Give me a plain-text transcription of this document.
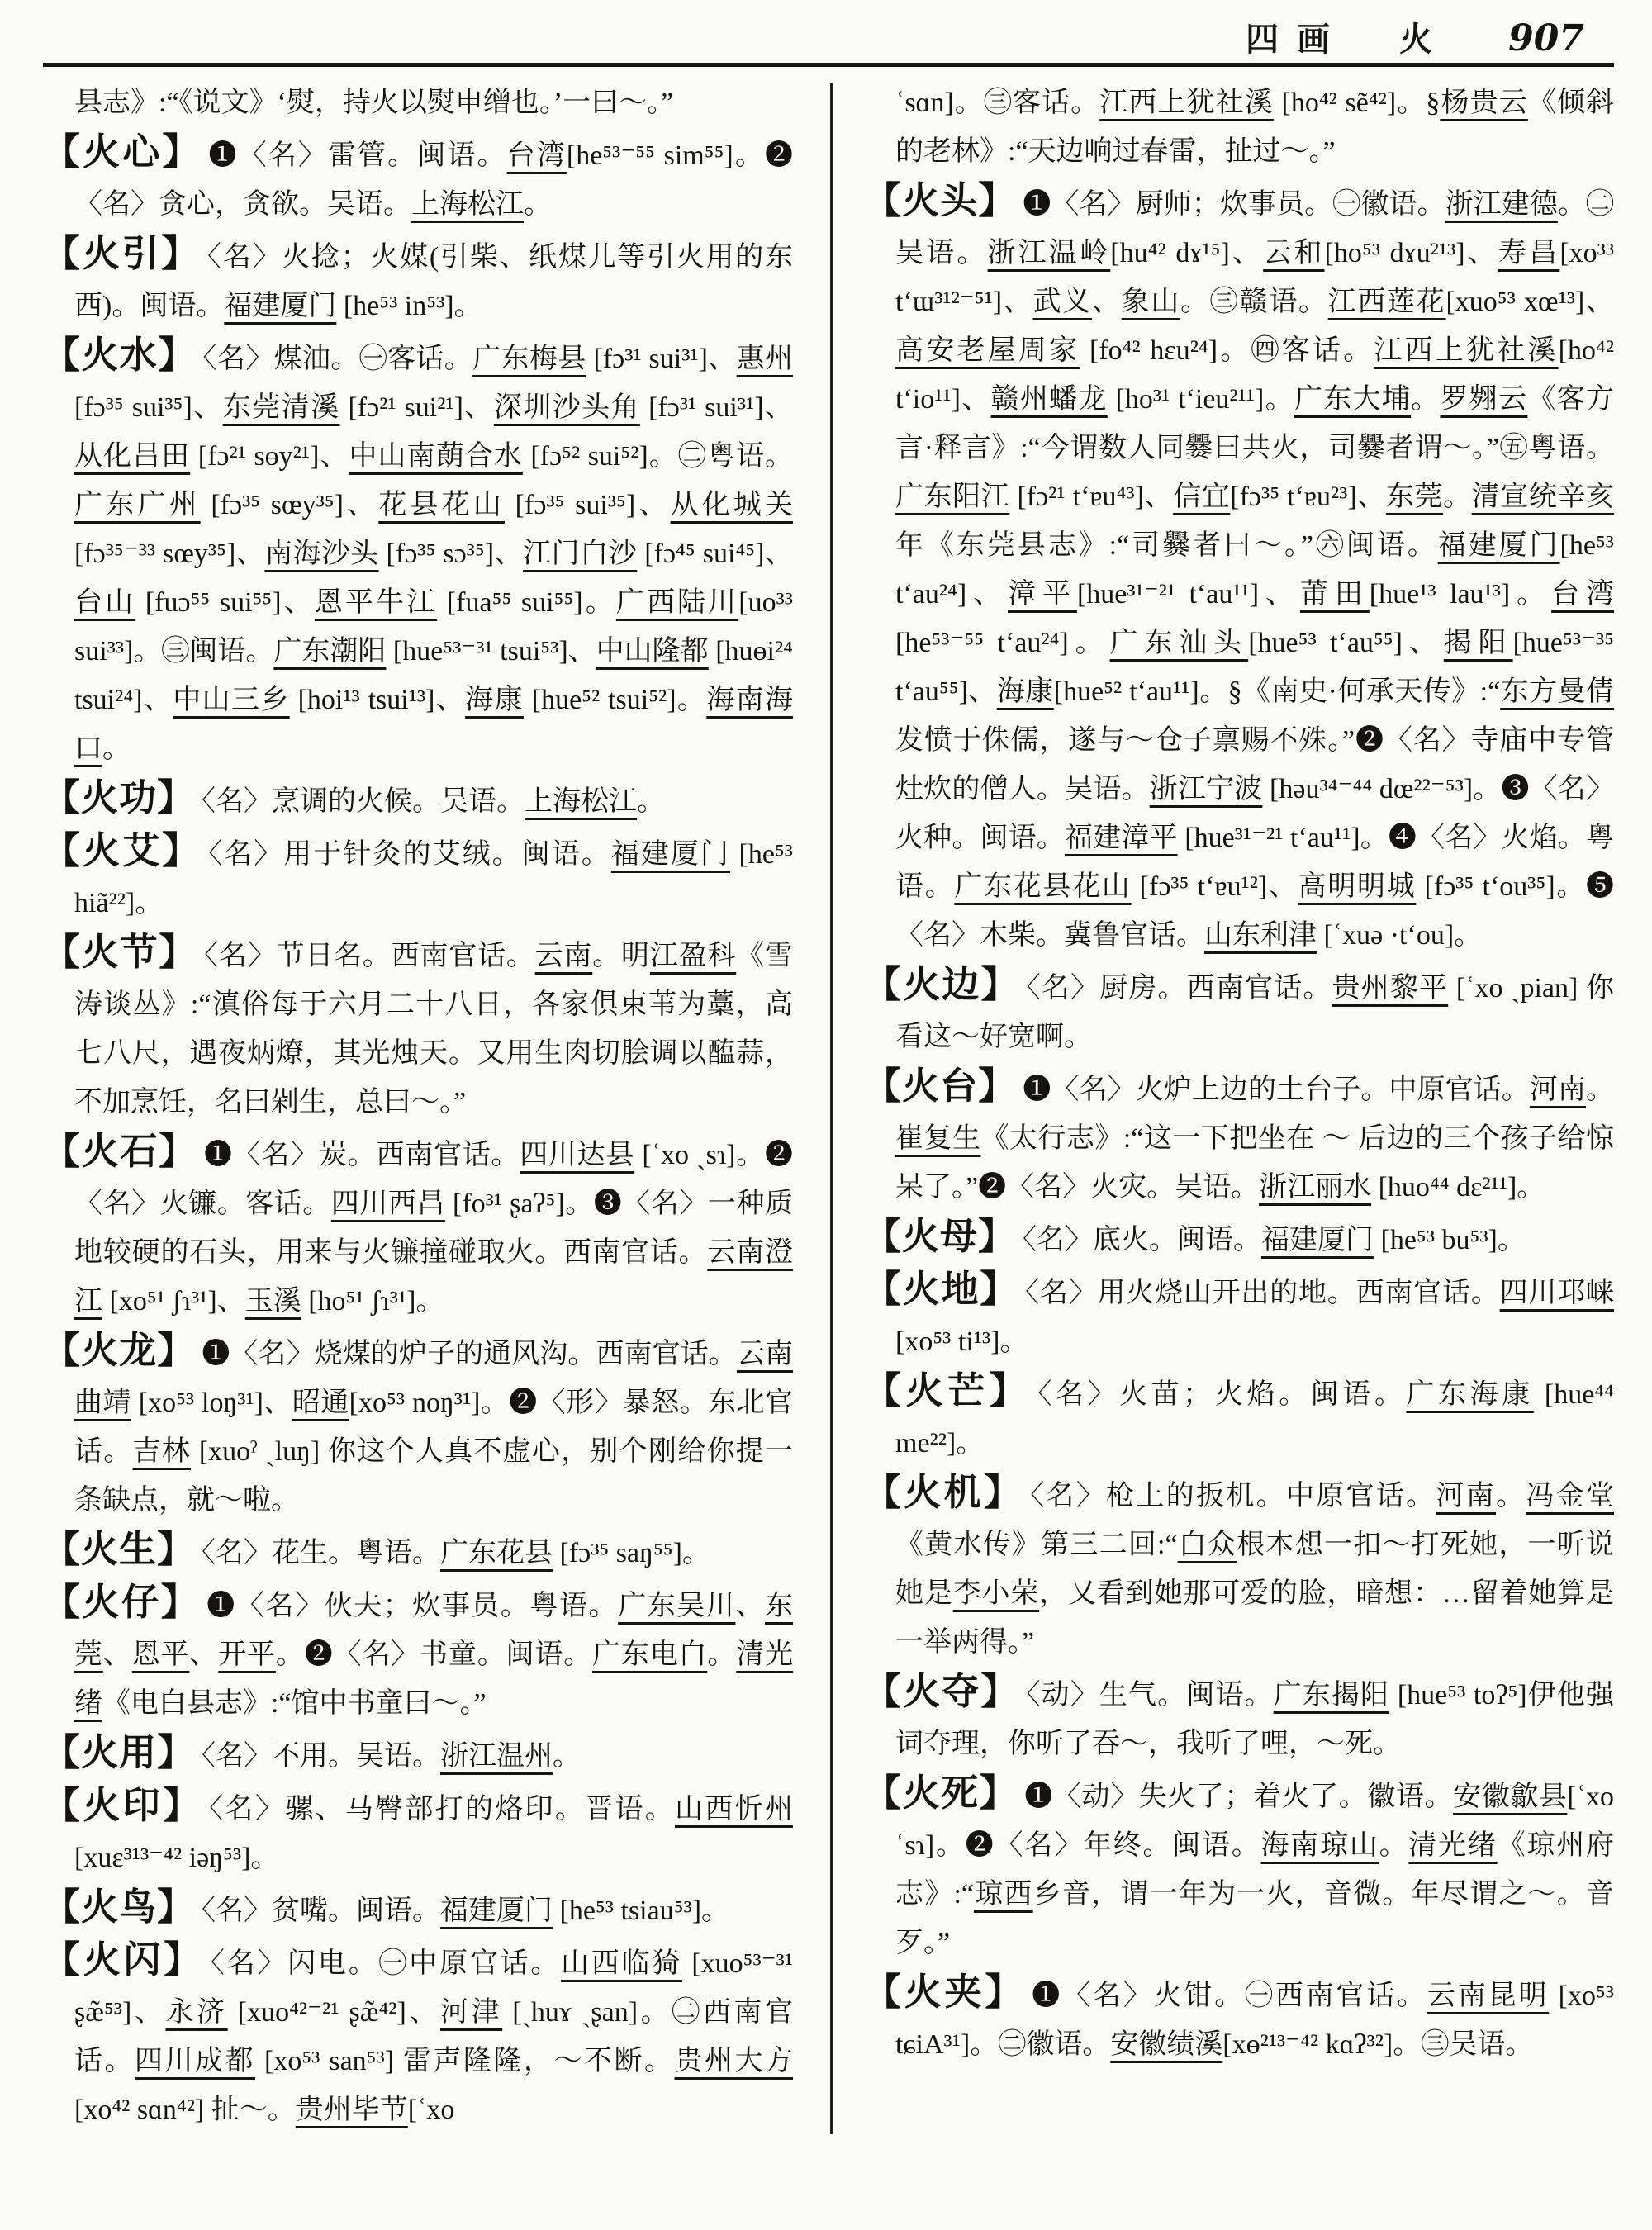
四画　火 907
县志》:“《说文》‘熨，持火以熨申缯也。’一曰～。”
【火心】 ❶〈名〉雷管。闽语。台湾[he⁵³⁻⁵⁵ sim⁵⁵]。❷〈名〉贪心，贪欲。吴语。上海松江。
【火引】 〈名〉火捻；火媒(引柴、纸煤儿等引火用的东西)。闽语。福建厦门 [he⁵³ in⁵³]。
【火水】 〈名〉煤油。㊀客话。广东梅县 [fɔ³¹ sui³¹]、惠州 [fɔ³⁵ sui³⁵]、东莞清溪 [fɔ²¹ sui²¹]、深圳沙头角 [fɔ³¹ sui³¹]、从化吕田 [fɔ²¹ sɵy²¹]、中山南蓢合水 [fɔ⁵² sui⁵²]。㊁粤语。广东广州 [fɔ³⁵ sœy³⁵]、花县花山 [fɔ³⁵ sui³⁵]、从化城关 [fɔ³⁵⁻³³ sœy³⁵]、南海沙头 [fɔ³⁵ sɔ³⁵]、江门白沙 [fɔ⁴⁵ sui⁴⁵]、台山 [fuɔ⁵⁵ sui⁵⁵]、恩平牛江 [fua⁵⁵ sui⁵⁵]。广西陆川[uo³³ sui³³]。㊂闽语。广东潮阳 [hue⁵³⁻³¹ tsui⁵³]、中山隆都 [huɵi²⁴ tsui²⁴]、中山三乡 [hoi¹³ tsui¹³]、海康 [hue⁵² tsui⁵²]。海南海口。
【火功】 〈名〉烹调的火候。吴语。上海松江。
【火艾】 〈名〉用于针灸的艾绒。闽语。福建厦门 [he⁵³ hiã²²]。
【火节】 〈名〉节日名。西南官话。云南。明江盈科《雪涛谈丛》:“滇俗每于六月二十八日，各家俱束苇为藁，高七八尺，遇夜炳燎，其光烛天。又用生肉切脍调以醢蒜，不加烹饪，名曰剁生，总曰～。”
【火石】 ❶〈名〉炭。西南官话。四川达县 [ʿxo ˏsɿ]。❷〈名〉火镰。客话。四川西昌 [fo³¹ ʂaʔ⁵]。❸〈名〉一种质地较硬的石头，用来与火镰撞碰取火。西南官话。云南澄江 [xo⁵¹ ʃɿ³¹]、玉溪 [ho⁵¹ ʃɿ³¹]。
【火龙】 ❶〈名〉烧煤的炉子的通风沟。西南官话。云南曲靖 [xo⁵³ loŋ³¹]、昭通[xo⁵³ noŋ³¹]。❷〈形〉暴怒。东北官话。吉林 [xuoˀ ˏluŋ] 你这个人真不虚心，别个刚给你提一条缺点，就～啦。
【火生】 〈名〉花生。粤语。广东花县 [fɔ³⁵ saŋ⁵⁵]。
【火仔】 ❶〈名〉伙夫；炊事员。粤语。广东吴川、东莞、恩平、开平。❷〈名〉书童。闽语。广东电白。清光绪《电白县志》:“馆中书童曰～。”
【火用】 〈名〉不用。吴语。浙江温州。
【火印】 〈名〉骡、马臀部打的烙印。晋语。山西忻州 [xuɛ³¹³⁻⁴² iəŋ⁵³]。
【火鸟】 〈名〉贫嘴。闽语。福建厦门 [he⁵³ tsiau⁵³]。
【火闪】 〈名〉闪电。㊀中原官话。山西临猗 [xuo⁵³⁻³¹ ʂæ̃⁵³]、永济 [xuo⁴²⁻²¹ ʂæ̃⁴²]、河津 [ˏhuɤ ˏʂan]。㊁西南官话。四川成都 [xo⁵³ san⁵³] 雷声隆隆，～不断。贵州大方 [xo⁴² sɑn⁴²] 扯～。贵州毕节[ʿxo
ʿsɑn]。㊂客话。江西上犹社溪 [ho⁴² sẽ⁴²]。§杨贵云《倾斜的老林》:“天边响过春雷，扯过～。”
【火头】 ❶〈名〉厨师；炊事员。㊀徽语。浙江建德。㊁吴语。浙江温岭[hu⁴² dɤ¹⁵]、云和[ho⁵³ dɤu²¹³]、寿昌[xo³³ tʻɯ³¹²⁻⁵¹]、武义、象山。㊂赣语。江西莲花[xuo⁵³ xœ¹³]、高安老屋周家 [fo⁴² hɛu²⁴]。㊃客话。江西上犹社溪[ho⁴² tʻio¹¹]、赣州蟠龙 [ho³¹ tʻieu²¹¹]。广东大埔。罗翙云《客方言·释言》:“今谓数人同爨曰共火，司爨者谓～。”㊄粤语。广东阳江 [fɔ²¹ tʻɐu⁴³]、信宜[fɔ³⁵ tʻɐu²³]、东莞。清宣统辛亥年《东莞县志》:“司爨者曰～。”㊅闽语。福建厦门[he⁵³ tʻau²⁴]、漳平[hue³¹⁻²¹ tʻau¹¹]、莆田[hue¹³ lau¹³]。台湾[he⁵³⁻⁵⁵ tʻau²⁴]。广东汕头[hue⁵³ tʻau⁵⁵]、揭阳[hue⁵³⁻³⁵ tʻau⁵⁵]、海康[hue⁵² tʻau¹¹]。§《南史·何承天传》:“东方曼倩发愤于侏儒，遂与～仓子禀赐不殊。”❷〈名〉寺庙中专管灶炊的僧人。吴语。浙江宁波 [həu³⁴⁻⁴⁴ dœ²²⁻⁵³]。❸〈名〉火种。闽语。福建漳平 [hue³¹⁻²¹ tʻau¹¹]。❹〈名〉火焰。粤语。广东花县花山 [fɔ³⁵ tʻɐu¹²]、高明明城 [fɔ³⁵ tʻou³⁵]。❺〈名〉木柴。冀鲁官话。山东利津 [ʿxuə ·tʻou]。
【火边】 〈名〉厨房。西南官话。贵州黎平 [ʿxo ˏpian] 你看这～好宽啊。
【火台】 ❶〈名〉火炉上边的土台子。中原官话。河南。崔复生《太行志》:“这一下把坐在 ～ 后边的三个孩子给惊呆了。”❷〈名〉火灾。吴语。浙江丽水 [huo⁴⁴ dɛ²¹¹]。
【火母】 〈名〉底火。闽语。福建厦门 [he⁵³ bu⁵³]。
【火地】 〈名〉用火烧山开出的地。西南官话。四川邛崃 [xo⁵³ ti¹³]。
【火芒】 〈名〉火苗；火焰。闽语。广东海康 [hue⁴⁴ me²²]。
【火机】 〈名〉枪上的扳机。中原官话。河南。冯金堂《黄水传》第三二回:“白众根本想一扣～打死她，一听说她是李小荣，又看到她那可爱的脸，暗想：…留着她算是一举两得。”
【火夺】 〈动〉生气。闽语。广东揭阳 [hue⁵³ toʔ⁵]伊他强词夺理，你听了吞～，我听了哩，～死。
【火死】 ❶〈动〉失火了；着火了。徽语。安徽歙县[ʿxo ʿsɿ]。❷〈名〉年终。闽语。海南琼山。清光绪《琼州府志》:“琼西乡音，谓一年为一火，音微。年尽谓之～。音歹。”
【火夹】 ❶〈名〉火钳。㊀西南官话。云南昆明 [xo⁵³ tɕiA³¹]。㊁徽语。安徽绩溪[xɵ²¹³⁻⁴² kɑʔ³²]。㊂吴语。
